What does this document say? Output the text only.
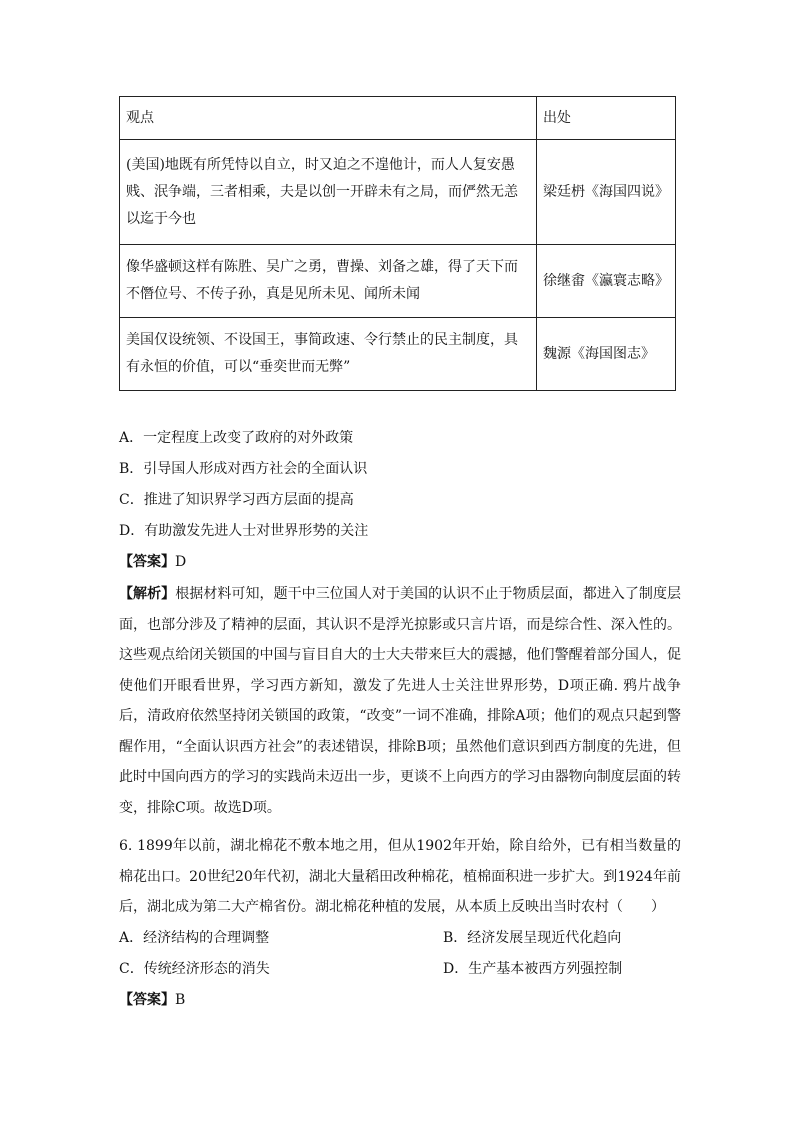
观点	出处
(美国)地既有所凭恃以自立，时又迫之不遑他计，而人人复安愚贱、泯争端，三者相乘，夫是以创一开辟未有之局，而俨然无恙以迄于今也	梁廷枬《海国四说》
像华盛顿这样有陈胜、吴广之勇，曹操、刘备之雄，得了天下而不僭位号、不传子孙，真是见所未见、闻所未闻	徐继畬《瀛寰志略》
美国仅设统领、不设国王，事简政速、令行禁止的民主制度，具有永恒的价值，可以“垂奕世而无弊”	魏源《海国图志》
A．一定程度上改变了政府的对外政策
B．引导国人形成对西方社会的全面认识
C．推进了知识界学习西方层面的提高
D．有助激发先进人士对世界形势的关注
【答案】D

【解析】根据材料可知，题干中三位国人对于美国的认识不止于物质层面，都进入了制度层面，也部分涉及了精神的层面，其认识不是浮光掠影或只言片语，而是综合性、深入性的。这些观点给闭关锁国的中国与盲目自大的士大夫带来巨大的震撼，他们警醒着部分国人，促使他们开眼看世界，学习西方新知，激发了先进人士关注世界形势，D项正确. 鸦片战争后，清政府依然坚持闭关锁国的政策，“改变”一词不准确，排除A项；他们的观点只起到警醒作用，“全面认识西方社会”的表述错误，排除B项；虽然他们意识到西方制度的先进，但此时中国向西方的学习的实践尚未迈出一步，更谈不上向西方的学习由器物向制度层面的转变，排除C项。故选D项。

6. 1899年以前，湖北棉花不敷本地之用，但从1902年开始，除自给外，已有相当数量的棉花出口。20世纪20年代初，湖北大量稻田改种棉花，植棉面积进一步扩大。到1924年前后，湖北成为第二大产棉省份。湖北棉花种植的发展，从本质上反映出当时农村（　　）

A．经济结构的合理调整	B．经济发展呈现近代化趋向
C．传统经济形态的消失	D．生产基本被西方列强控制
【答案】B
